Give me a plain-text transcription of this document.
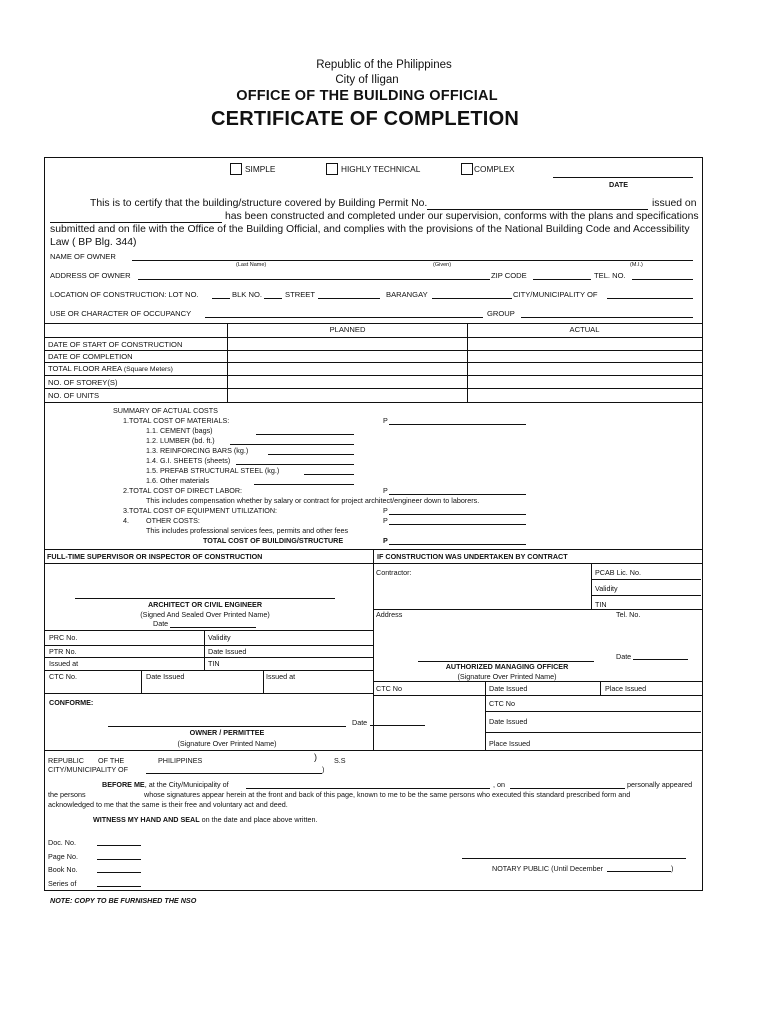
Republic of the Philippines
City of Iligan
OFFICE OF THE BUILDING OFFICIAL
CERTIFICATE OF COMPLETION
SIMPLE	HIGHLY TECHNICAL	COMPLEX
DATE
This is to certify that the building/structure covered by Building Permit No.	issued on
has been constructed and completed under our supervision, conforms with the plans and specifications
submitted and on file with the Office of the Building Official, and complies with the provisions of the National Building Code and Accessibility
Law ( BP Blg. 344)
NAME OF OWNER
(Last Name)	(Given)	(M.I.)
ADDRESS OF OWNER	ZIP CODE	TEL. NO.
LOCATION OF CONSTRUCTION: LOT NO.	BLK NO.	STREET	BARANGAY	CITY/MUNICIPALITY OF
USE OR CHARACTER OF OCCUPANCY	GROUP
PLANNED	ACTUAL
DATE OF START OF CONSTRUCTION
DATE OF COMPLETION
TOTAL FLOOR AREA (Square Meters)
NO. OF STOREY(S)
NO. OF UNITS
SUMMARY OF ACTUAL COSTS
1.TOTAL COST OF MATERIALS:	P
1.1. CEMENT (bags)
1.2. LUMBER (bd. ft.)
1.3. REINFORCING BARS (kg.)
1.4. G.I. SHEETS (sheets)
1.5. PREFAB STRUCTURAL STEEL (kg.)
1.6. Other materials
2.TOTAL COST OF DIRECT LABOR:	P
This includes compensation whether by salary or contract for project architect/engineer down to laborers.
3.TOTAL COST OF EQUIPMENT UTILIZATION:	P
4. OTHER COSTS:	P
This includes professional services fees, permits and other fees
TOTAL COST OF BUILDING/STRUCTURE	P
FULL-TIME SUPERVISOR OR INSPECTOR OF CONSTRUCTION	IF CONSTRUCTION WAS UNDERTAKEN BY CONTRACT
ARCHITECT OR CIVIL ENGINEER
(Signed And Sealed Over Printed Name)
Date
PRC No.	Validity
PTR No.	Date Issued
Issued at	TIN
CTC No.	Date Issued	Issued at
Contractor:	PCAB Lic. No.
Validity
TIN
Address	Tel. No.
Date
AUTHORIZED MANAGING OFFICER
(Signature Over Printed Name)
CTC No	Date Issued	Place Issued
CONFORME:	CTC No
Date Issued
Place Issued
Date
OWNER / PERMITTEE
(Signature Over Printed Name)
REPUBLIC OF THE	PHILIPPINES	) S.S
CITY/MUNICIPALITY OF	)
BEFORE ME, at the City/Municipality of	, on	personally appeared
the persons	whose signatures appear herein at the front and back of this page, known to me to be the same persons who executed this standard prescribed form and
acknowledged to me that the same is their free and voluntary act and deed.
WITNESS MY HAND AND SEAL on the date and place above written.
Doc. No.
Page No.
Book No.
Series of
NOTARY PUBLIC (Until December	)
NOTE: COPY TO BE FURNISHED THE NSO
